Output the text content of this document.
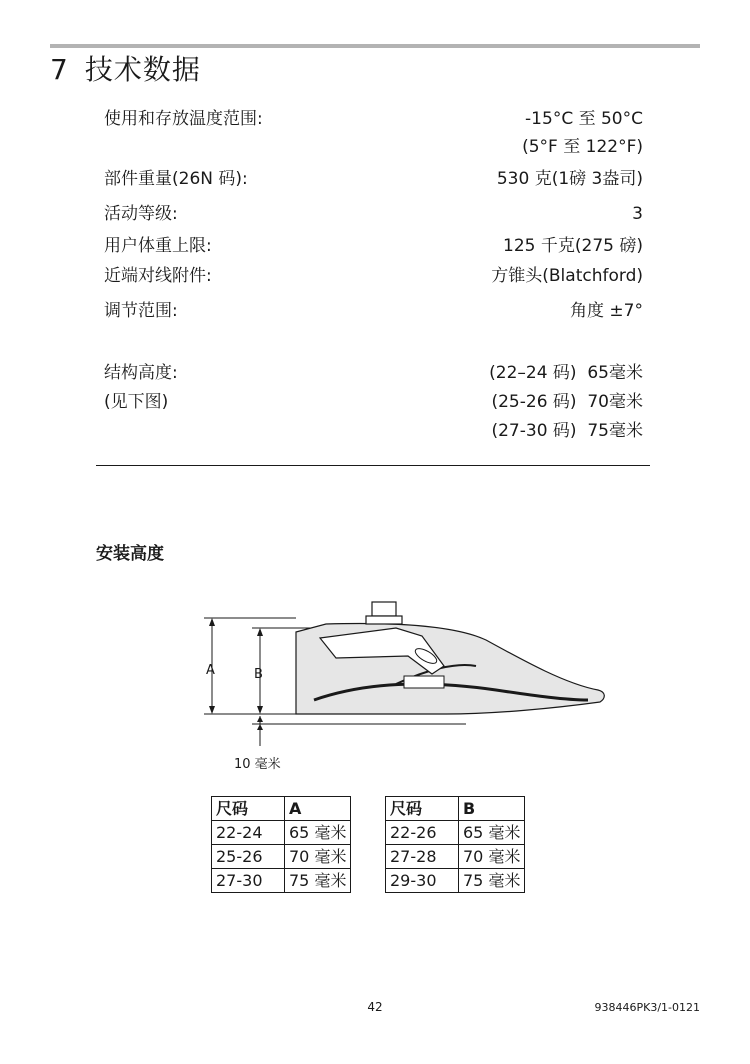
7 技术数据
使用和存放温度范围:	-15°C 至 50°C
(5°F 至 122°F)
部件重量(26N 码):	530 克(1磅 3盎司)
活动等级:	3
用户体重上限:	125 千克(275 磅)
近端对线附件:	方锥头(Blatchford)
调节范围:	角度 ±7°
结构高度:
(见下图)
(22–24 码)  65毫米
(25-26 码)  70毫米
(27-30 码)  75毫米
安装高度
A	B
10 毫米
尺码	A
22-24	65 毫米
25-26	70 毫米
27-30	75 毫米
尺码	B
22-26	65 毫米
27-28	70 毫米
29-30	75 毫米
42	938446PK3/1-0121
